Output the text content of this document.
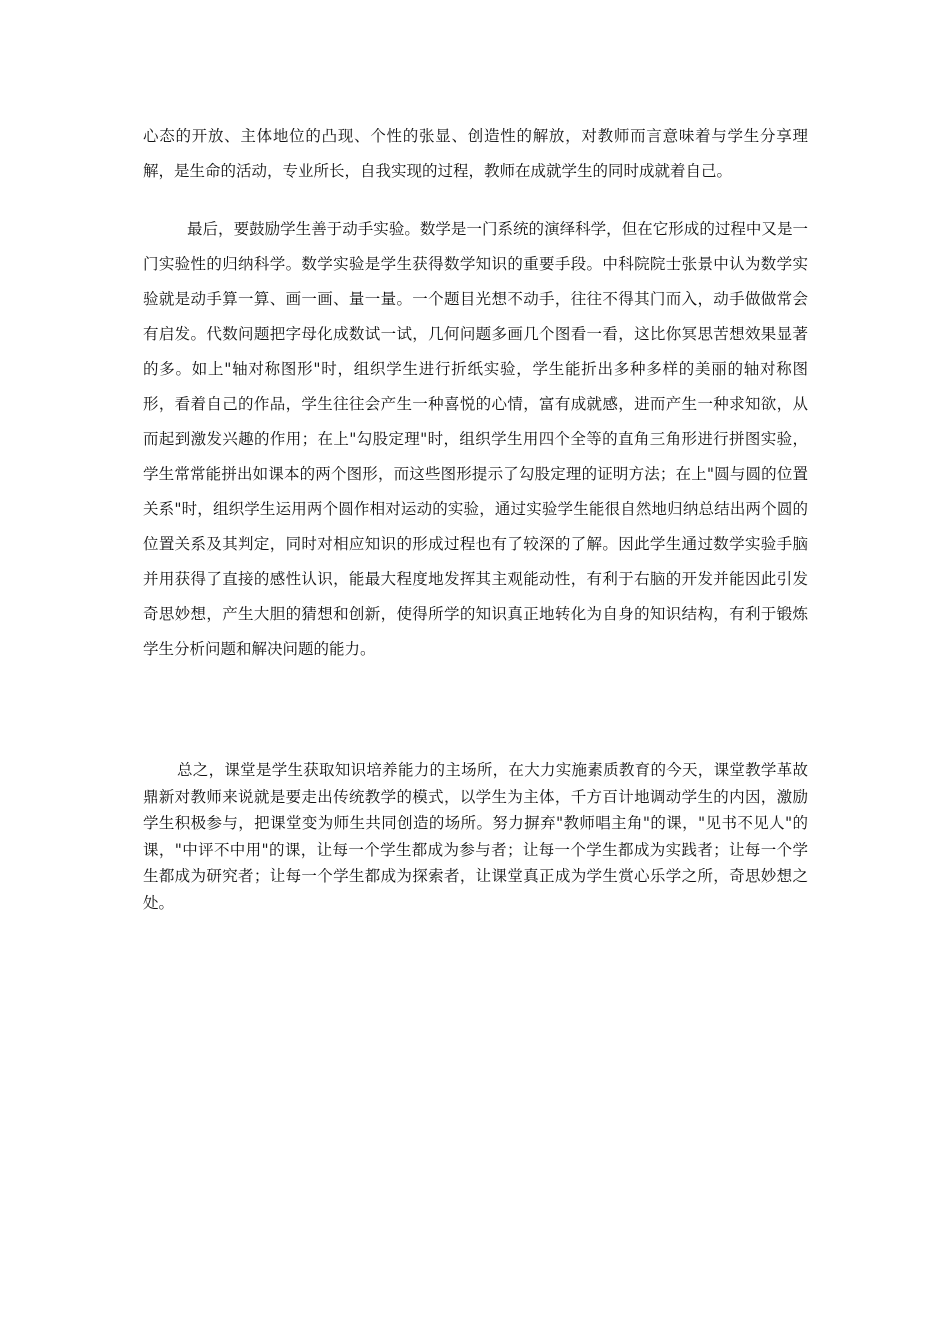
心态的开放、主体地位的凸现、个性的张显、创造性的解放，对教师而言意味着与学生分享理解，是生命的活动，专业所长，自我实现的过程，教师在成就学生的同时成就着自己。

最后，要鼓励学生善于动手实验。数学是一门系统的演绎科学，但在它形成的过程中又是一门实验性的归纳科学。数学实验是学生获得数学知识的重要手段。中科院院士张景中认为数学实验就是动手算一算、画一画、量一量。一个题目光想不动手，往往不得其门而入，动手做做常会有启发。代数问题把字母化成数试一试，几何问题多画几个图看一看，这比你冥思苦想效果显著的多。如上"轴对称图形"时，组织学生进行折纸实验，学生能折出多种多样的美丽的轴对称图形，看着自己的作品，学生往往会产生一种喜悦的心情，富有成就感，进而产生一种求知欲，从而起到激发兴趣的作用；在上"勾股定理"时，组织学生用四个全等的直角三角形进行拼图实验，学生常常能拼出如课本的两个图形，而这些图形提示了勾股定理的证明方法；在上"圆与圆的位置关系"时，组织学生运用两个圆作相对运动的实验，通过实验学生能很自然地归纳总结出两个圆的位置关系及其判定，同时对相应知识的形成过程也有了较深的了解。因此学生通过数学实验手脑并用获得了直接的感性认识，能最大程度地发挥其主观能动性，有利于右脑的开发并能因此引发奇思妙想，产生大胆的猜想和创新，使得所学的知识真正地转化为自身的知识结构，有利于锻炼学生分析问题和解决问题的能力。

总之，课堂是学生获取知识培养能力的主场所，在大力实施素质教育的今天，课堂教学革故鼎新对教师来说就是要走出传统教学的模式，以学生为主体，千方百计地调动学生的内因，激励学生积极参与，把课堂变为师生共同创造的场所。努力摒弃"教师唱主角"的课，"见书不见人"的课，"中评不中用"的课，让每一个学生都成为参与者；让每一个学生都成为实践者；让每一个学生都成为研究者；让每一个学生都成为探索者，让课堂真正成为学生赏心乐学之所，奇思妙想之处。
